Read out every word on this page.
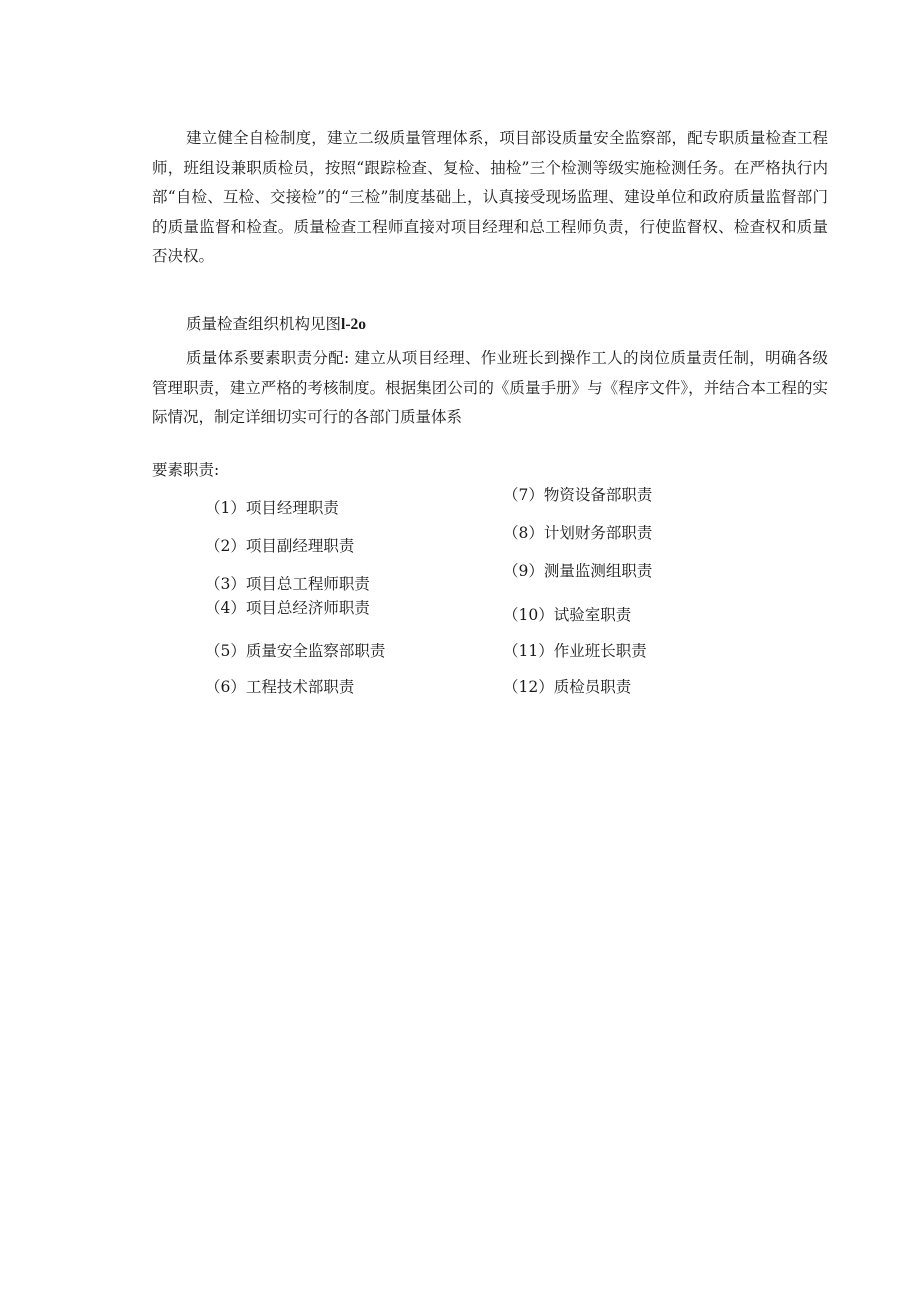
建立健全自检制度，建立二级质量管理体系，项目部设质量安全监察部，配专职质量检查工程师，班组设兼职质检员，按照“跟踪检查、复检、抽检”三个检测等级实施检测任务。在严格执行内部“自检、互检、交接检”的“三检”制度基础上，认真接受现场监理、建设单位和政府质量监督部门的质量监督和检查。质量检查工程师直接对项目经理和总工程师负责，行使监督权、检查权和质量否决权。

质量检查组织机构见图l-2o

质量体系要素职责分配: 建立从项目经理、作业班长到操作工人的岗位质量责任制，明确各级管理职责，建立严格的考核制度。根据集团公司的《质量手册》与《程序文件》，并结合本工程的实际情况，制定详细切实可行的各部门质量体系

要素职责:

（1）项目经理职责

（2）项目副经理职责

（3）项目总工程师职责

（4）项目总经济师职责

（5）质量安全监察部职责

（6）工程技术部职责

（7）物资设备部职责

（8）计划财务部职责

（9）测量监测组职责

（10）试验室职责

（11）作业班长职责

（12）质检员职责
